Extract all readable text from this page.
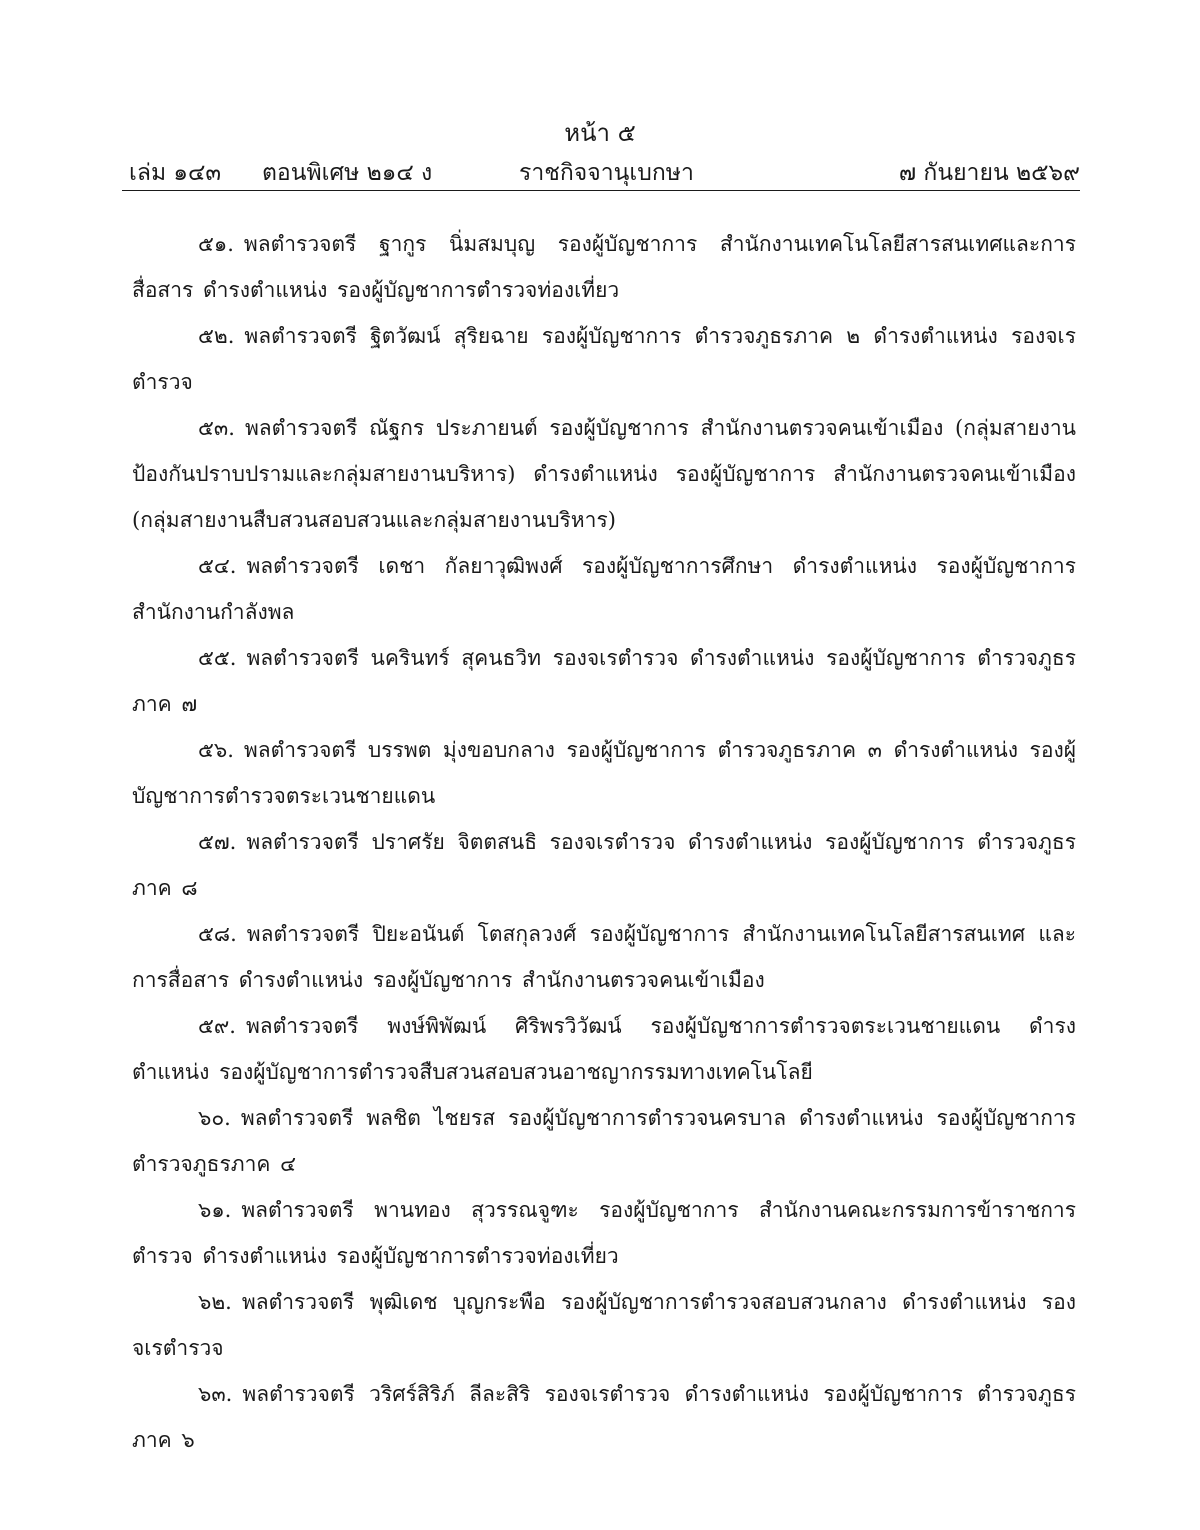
หน้า ๕
เล่ม ๑๔๓ ตอนพิเศษ ๒๑๔ ง	ราชกิจจานุเบกษา	๗ กันยายน ๒๕๖๙

๕๑. พลตำรวจตรี ฐากูร นิ่มสมบุญ รองผู้บัญชาการ สำนักงานเทคโนโลยีสารสนเทศและการสื่อสาร ดำรงตำแหน่ง รองผู้บัญชาการตำรวจท่องเที่ยว

๕๒. พลตำรวจตรี ฐิตวัฒน์ สุริยฉาย รองผู้บัญชาการ ตำรวจภูธรภาค ๒ ดำรงตำแหน่ง รองจเรตำรวจ

๕๓. พลตำรวจตรี ณัฐกร ประภายนต์ รองผู้บัญชาการ สำนักงานตรวจคนเข้าเมือง (กลุ่มสายงานป้องกันปราบปรามและกลุ่มสายงานบริหาร) ดำรงตำแหน่ง รองผู้บัญชาการ สำนักงานตรวจคนเข้าเมือง (กลุ่มสายงานสืบสวนสอบสวนและกลุ่มสายงานบริหาร)

๕๔. พลตำรวจตรี เดชา กัลยาวุฒิพงศ์ รองผู้บัญชาการศึกษา ดำรงตำแหน่ง รองผู้บัญชาการ สำนักงานกำลังพล

๕๕. พลตำรวจตรี นครินทร์ สุคนธวิท รองจเรตำรวจ ดำรงตำแหน่ง รองผู้บัญชาการ ตำรวจภูธรภาค ๗

๕๖. พลตำรวจตรี บรรพต มุ่งขอบกลาง รองผู้บัญชาการ ตำรวจภูธรภาค ๓ ดำรงตำแหน่ง รองผู้บัญชาการตำรวจตระเวนชายแดน

๕๗. พลตำรวจตรี ปราศรัย จิตตสนธิ รองจเรตำรวจ ดำรงตำแหน่ง รองผู้บัญชาการ ตำรวจภูธรภาค ๘

๕๘. พลตำรวจตรี ปิยะอนันต์ โตสกุลวงศ์ รองผู้บัญชาการ สำนักงานเทคโนโลยีสารสนเทศ และการสื่อสาร ดำรงตำแหน่ง รองผู้บัญชาการ สำนักงานตรวจคนเข้าเมือง

๕๙. พลตำรวจตรี พงษ์พิพัฒน์ ศิริพรวิวัฒน์ รองผู้บัญชาการตำรวจตระเวนชายแดน ดำรงตำแหน่ง รองผู้บัญชาการตำรวจสืบสวนสอบสวนอาชญากรรมทางเทคโนโลยี

๖๐. พลตำรวจตรี พลชิต ไชยรส รองผู้บัญชาการตำรวจนครบาล ดำรงตำแหน่ง รองผู้บัญชาการ ตำรวจภูธรภาค ๔

๖๑. พลตำรวจตรี พานทอง สุวรรณจูฑะ รองผู้บัญชาการ สำนักงานคณะกรรมการข้าราชการตำรวจ ดำรงตำแหน่ง รองผู้บัญชาการตำรวจท่องเที่ยว

๖๒. พลตำรวจตรี พุฒิเดช บุญกระพือ รองผู้บัญชาการตำรวจสอบสวนกลาง ดำรงตำแหน่ง รองจเรตำรวจ

๖๓. พลตำรวจตรี วริศร์สิริภ์ ลีละสิริ รองจเรตำรวจ ดำรงตำแหน่ง รองผู้บัญชาการ ตำรวจภูธรภาค ๖
